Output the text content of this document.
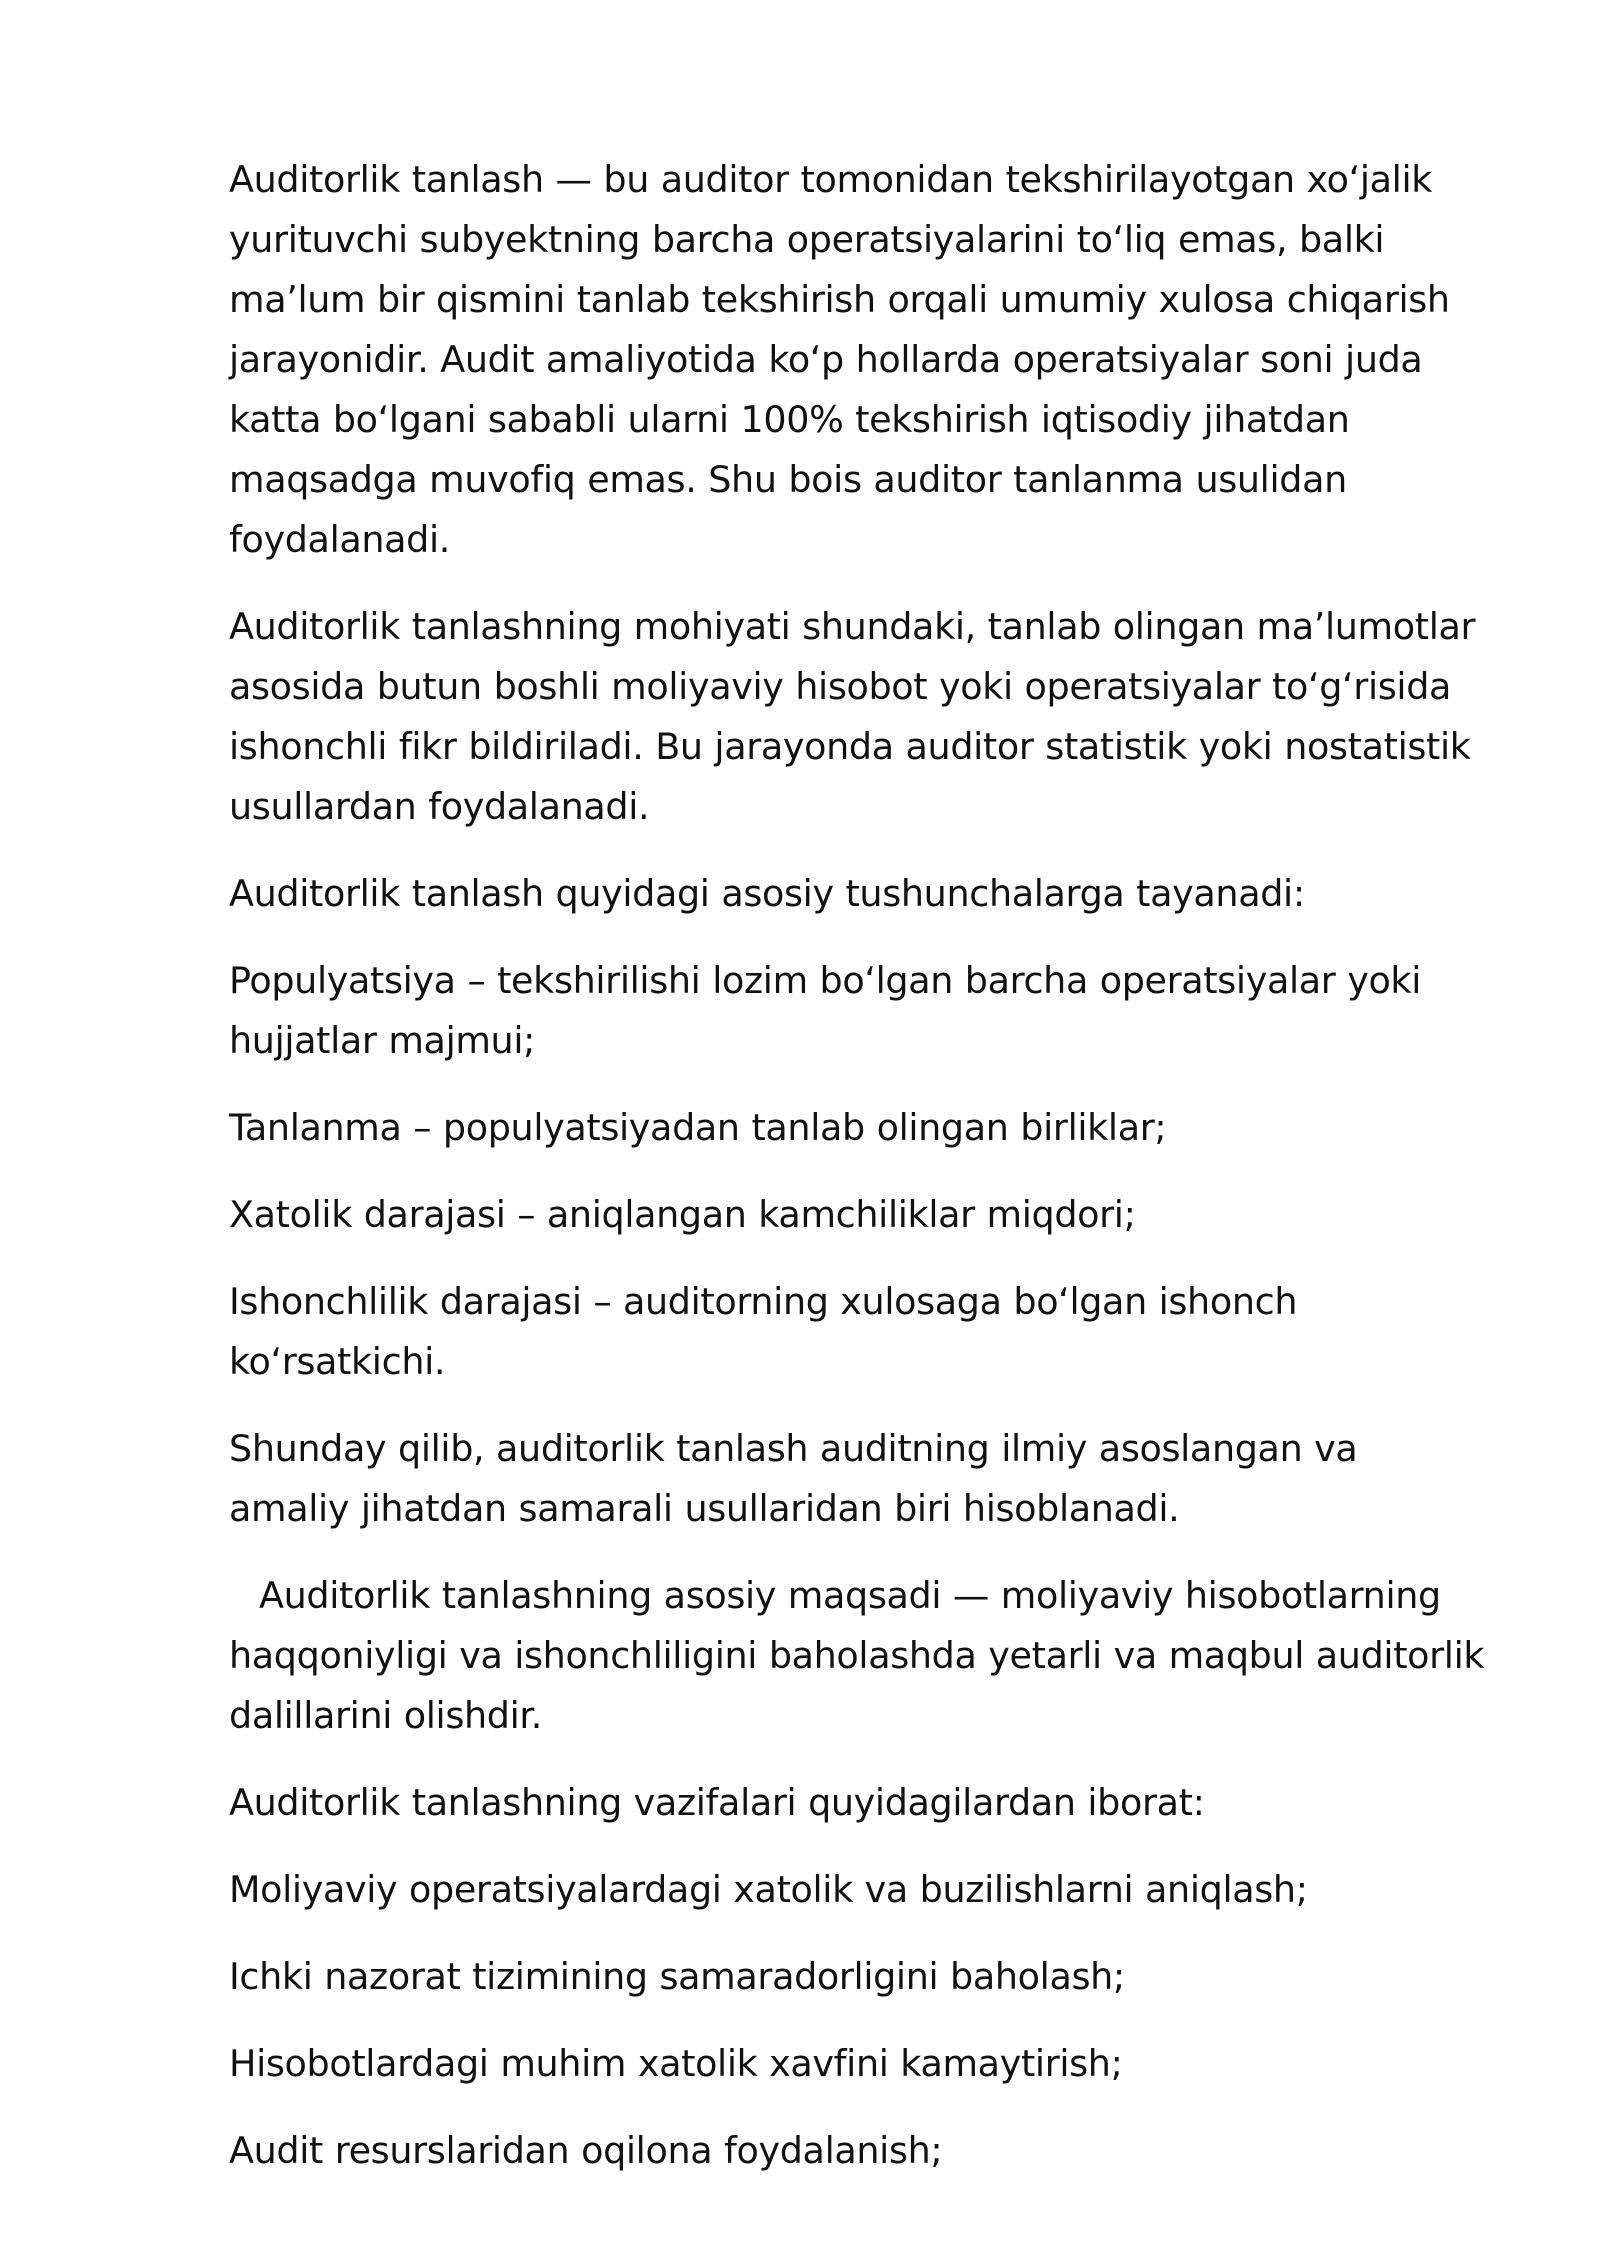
Auditorlik tanlash — bu auditor tomonidan tekshirilayotgan xoʻjalik yurituvchi subyektning barcha operatsiyalarini toʻliq emas, balki maʼlum bir qismini tanlab tekshirish orqali umumiy xulosa chiqarish jarayonidir. Audit amaliyotida koʻp hollarda operatsiyalar soni juda katta boʻlgani sababli ularni 100% tekshirish iqtisodiy jihatdan maqsadga muvofiq emas. Shu bois auditor tanlanma usulidan foydalanadi.

Auditorlik tanlashning mohiyati shundaki, tanlab olingan maʼlumotlar asosida butun boshli moliyaviy hisobot yoki operatsiyalar toʻgʻrisida ishonchli fikr bildiriladi. Bu jarayonda auditor statistik yoki nostatistik usullardan foydalanadi.

Auditorlik tanlash quyidagi asosiy tushunchalarga tayanadi:

Populyatsiya – tekshirilishi lozim boʻlgan barcha operatsiyalar yoki hujjatlar majmui;

Tanlanma – populyatsiyadan tanlab olingan birliklar;

Xatolik darajasi – aniqlangan kamchiliklar miqdori;

Ishonchlilik darajasi – auditorning xulosaga boʻlgan ishonch koʻrsatkichi.

Shunday qilib, auditorlik tanlash auditning ilmiy asoslangan va amaliy jihatdan samarali usullaridan biri hisoblanadi.

Auditorlik tanlashning asosiy maqsadi — moliyaviy hisobotlarning haqqoniyligi va ishonchliligini baholashda yetarli va maqbul auditorlik dalillarini olishdir.

Auditorlik tanlashning vazifalari quyidagilardan iborat:

Moliyaviy operatsiyalardagi xatolik va buzilishlarni aniqlash;

Ichki nazorat tizimining samaradorligini baholash;

Hisobotlardagi muhim xatolik xavfini kamaytirish;

Audit resurslaridan oqilona foydalanish;
